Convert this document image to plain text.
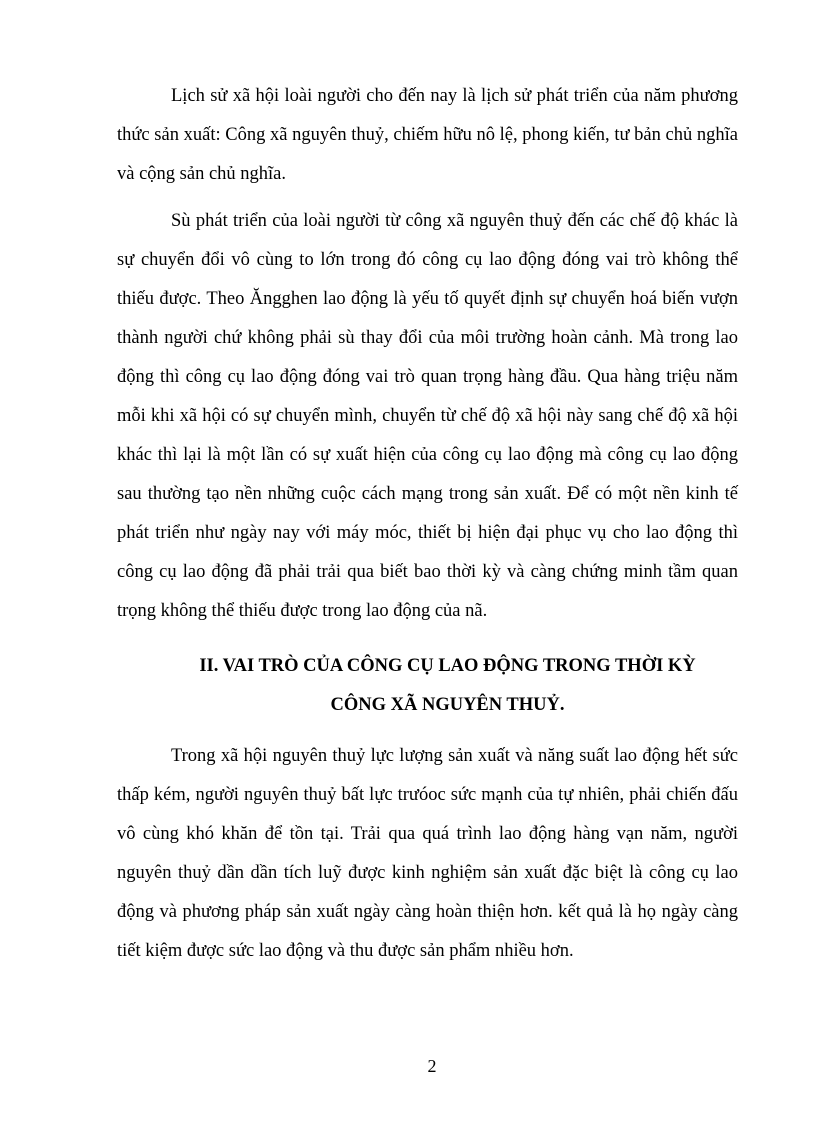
Lịch sử xã hội loài người cho đến nay là lịch sử phát triển của năm phương thức sản xuất: Công xã nguyên thuỷ, chiếm hữu nô lệ, phong kiến, tư bản chủ nghĩa và cộng sản chủ nghĩa.

Sù phát triển của loài người từ công xã nguyên thuỷ đến các chế độ khác là sự chuyển đổi vô cùng to lớn trong đó công cụ lao động đóng vai trò không thể thiếu được. Theo Ăngghen lao động là yếu tố quyết định sự chuyển hoá biến vượn thành người chứ không phải sù thay đổi của môi trường hoàn cảnh. Mà trong lao động thì công cụ lao động đóng vai trò quan trọng hàng đầu. Qua hàng triệu năm mỗi khi xã hội có sự chuyển mình, chuyển từ chế độ xã hội này sang chế độ xã hội khác thì lại là một lần có sự xuất hiện của công cụ lao động mà công cụ lao động sau thường tạo nền những cuộc cách mạng trong sản xuất. Để có một nền kinh tế phát triển như ngày nay với máy móc, thiết bị hiện đại phục vụ cho lao động thì công cụ lao động đã phải trải qua biết bao thời kỳ và càng chứng minh tầm quan trọng không thể thiếu được trong lao động của nã.

II. VAI TRÒ CỦA CÔNG CỤ LAO ĐỘNG TRONG THỜI KỲ
CÔNG XÃ NGUYÊN THUỶ.

Trong xã hội nguyên thuỷ lực lượng sản xuất và năng suất lao động hết sức thấp kém, người nguyên thuỷ bất lực trưóoc sức mạnh của tự nhiên, phải chiến đấu vô cùng khó khăn để tồn tại. Trải qua quá trình lao động hàng vạn năm, người nguyên thuỷ dần dần tích luỹ được kinh nghiệm sản xuất đặc biệt là công cụ lao động và phương pháp sản xuất ngày càng hoàn thiện hơn. kết quả là họ ngày càng tiết kiệm được sức lao động và thu được sản phẩm nhiều hơn.

2
